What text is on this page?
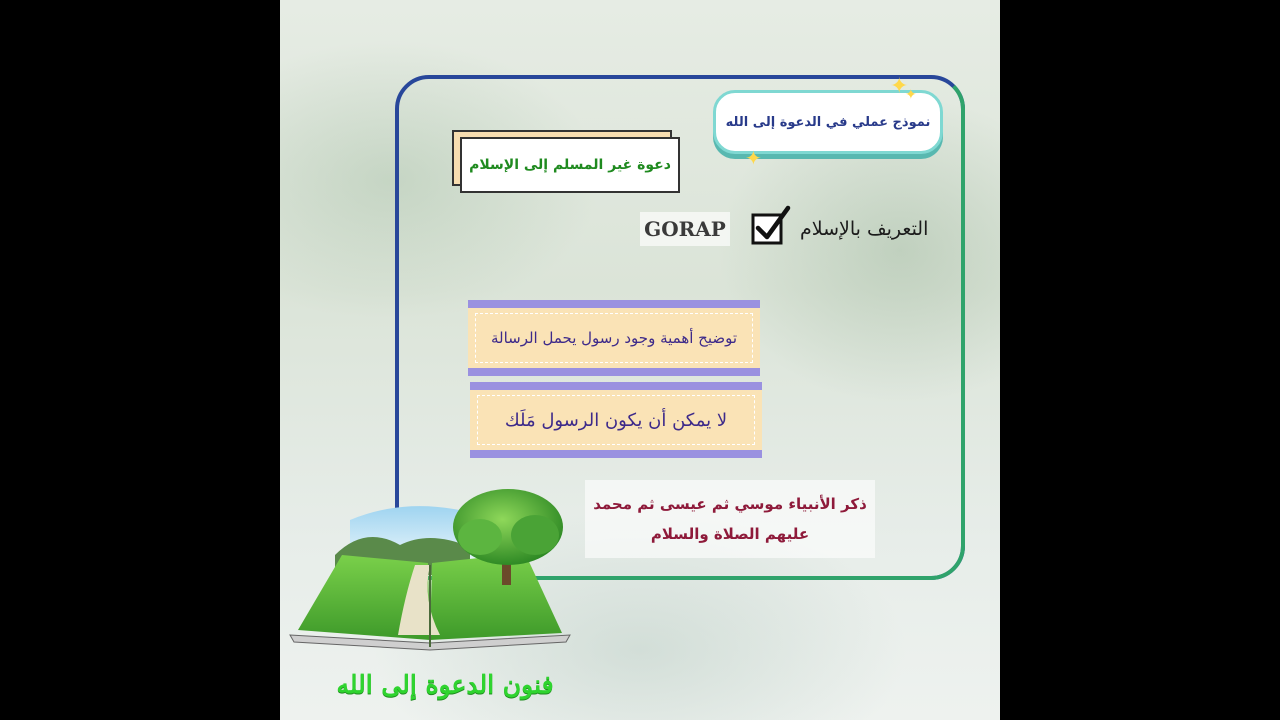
نموذج عملي في الدعوة إلى الله
✦
✦
✦
دعوة غير المسلم إلى الإسلام
GORAP	التعريف بالإسلام
توضيح أهمية وجود رسول يحمل الرسالة
لا يمكن أن يكون الرسول مَلَك
ذكر الأنبياء موسي ثم عيسى ثم محمد
عليهم الصلاة والسلام
فنون الدعوة إلى الله
